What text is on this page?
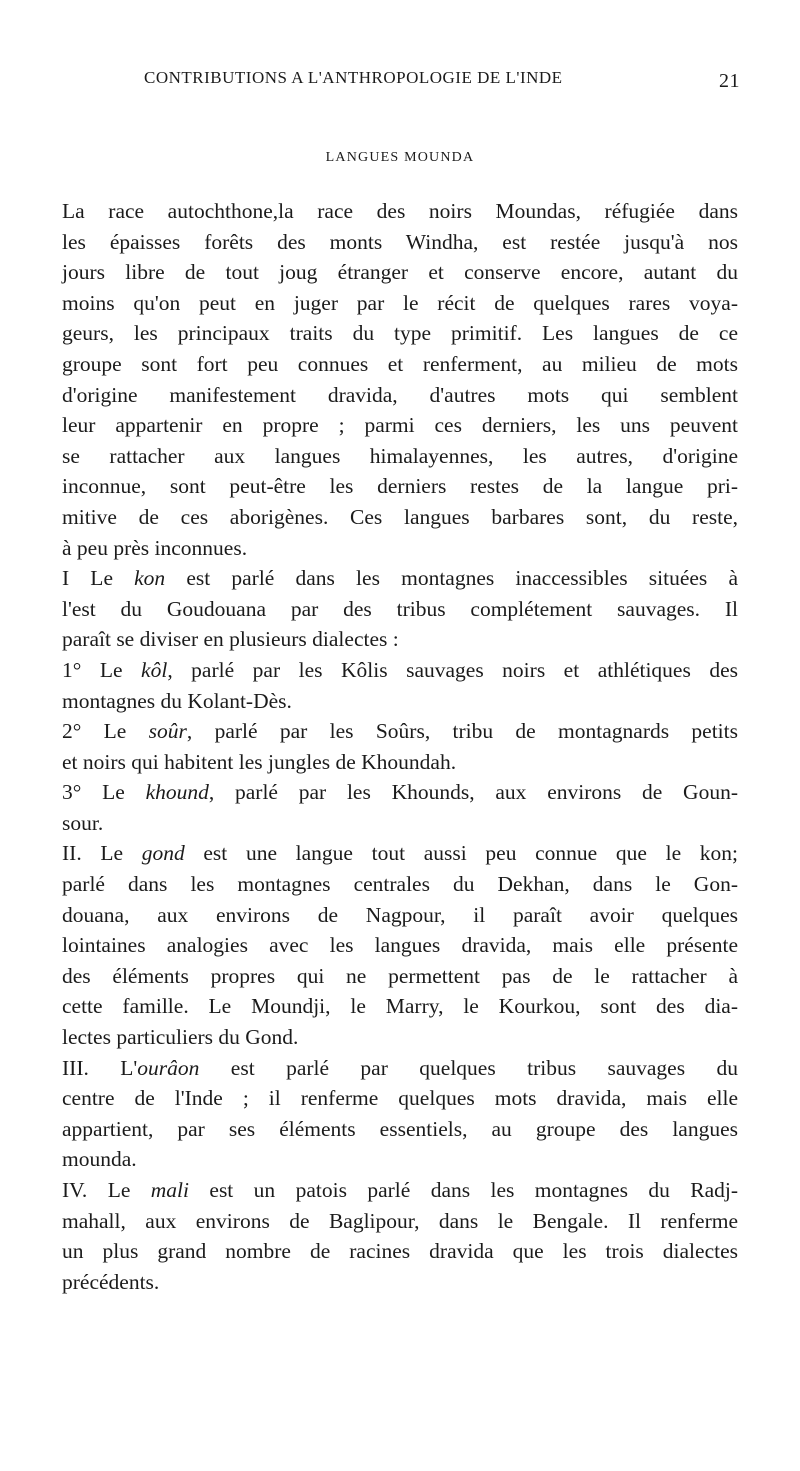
CONTRIBUTIONS A L'ANTHROPOLOGIE DE L'INDE	21
LANGUES MOUNDA
La race autochthone,la race des noirs Moundas, réfugiée dans
les épaisses forêts des monts Windha, est restée jusqu'à nos
jours libre de tout joug étranger et conserve encore, autant du
moins qu'on peut en juger par le récit de quelques rares voya-
geurs, les principaux traits du type primitif. Les langues de ce
groupe sont fort peu connues et renferment, au milieu de mots
d'origine manifestement dravida, d'autres mots qui semblent
leur appartenir en propre ; parmi ces derniers, les uns peuvent
se rattacher aux langues himalayennes, les autres, d'origine
inconnue, sont peut-être les derniers restes de la langue pri-
mitive de ces aborigènes. Ces langues barbares sont, du reste,
à peu près inconnues.
I Le kon est parlé dans les montagnes inaccessibles situées à
l'est du Goudouana par des tribus complétement sauvages. Il
paraît se diviser en plusieurs dialectes :
1° Le kôl, parlé par les Kôlis sauvages noirs et athlétiques des
montagnes du Kolant-Dès.
2° Le soûr, parlé par les Soûrs, tribu de montagnards petits
et noirs qui habitent les jungles de Khoundah.
3° Le khound, parlé par les Khounds, aux environs de Goun-
sour.
II. Le gond est une langue tout aussi peu connue que le kon;
parlé dans les montagnes centrales du Dekhan, dans le Gon-
douana, aux environs de Nagpour, il paraît avoir quelques
lointaines analogies avec les langues dravida, mais elle présente
des éléments propres qui ne permettent pas de le rattacher à
cette famille. Le Moundji, le Marry, le Kourkou, sont des dia-
lectes particuliers du Gond.
III. L'ourâon est parlé par quelques tribus sauvages du
centre de l'Inde ; il renferme quelques mots dravida, mais elle
appartient, par ses éléments essentiels, au groupe des langues
mounda.
IV. Le mali est un patois parlé dans les montagnes du Radj-
mahall, aux environs de Baglipour, dans le Bengale. Il renferme
un plus grand nombre de racines dravida que les trois dialectes
précédents.
